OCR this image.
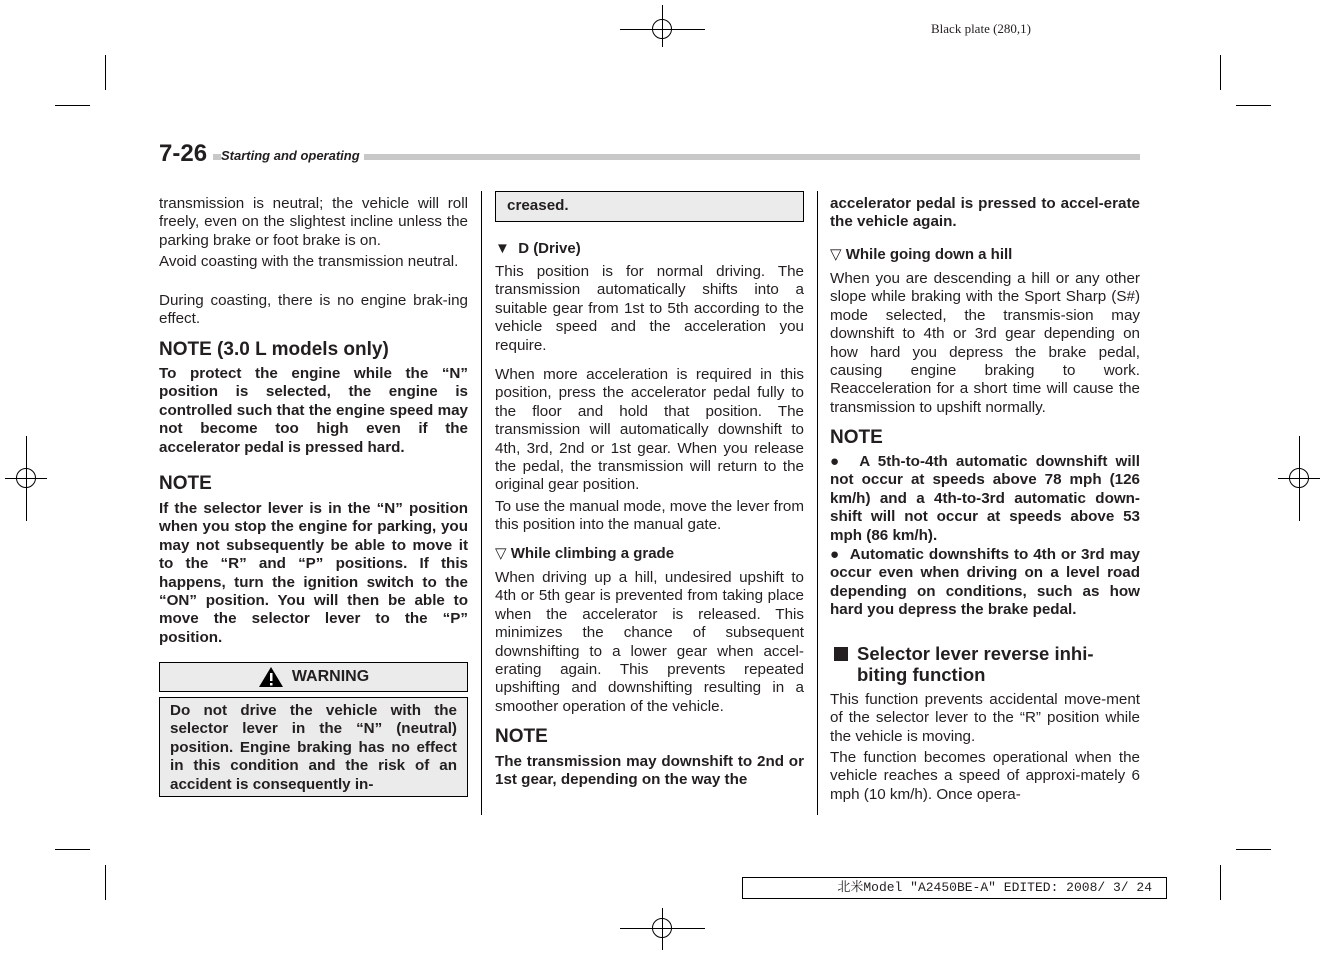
Black plate (280,1)
7-26	Starting and operating
transmission is neutral; the vehicle will roll freely, even on the slightest incline unless the parking brake or foot brake is on.
Avoid coasting with the transmission neutral.
During coasting, there is no engine brak-ing effect.
NOTE (3.0 L models only)
To protect the engine while the “N” position is selected, the engine is controlled such that the engine speed may not become too high even if the accelerator pedal is pressed hard.
NOTE
If the selector lever is in the “N” position when you stop the engine for parking, you may not subsequently be able to move it to the “R” and “P” positions. If this happens, turn the ignition switch to the “ON” position. You will then be able to move the selector lever to the “P” position.
WARNING
Do not drive the vehicle with the selector lever in the “N” (neutral) position. Engine braking has no effect in this condition and the risk of an accident is consequently in-
creased.
▼  D (Drive)
This position is for normal driving. The transmission automatically shifts into a suitable gear from 1st to 5th according to the vehicle speed and the acceleration you require.
When more acceleration is required in this position, press the accelerator pedal fully to the floor and hold that position. The transmission will automatically downshift to 4th, 3rd, 2nd or 1st gear. When you release the pedal, the transmission will return to the original gear position.
To use the manual mode, move the lever from this position into the manual gate.
▽ While climbing a grade
When driving up a hill, undesired upshift to 4th or 5th gear is prevented from taking place when the accelerator is released. This minimizes the chance of subsequent downshifting to a lower gear when accel-erating again. This prevents repeated upshifting and downshifting resulting in a smoother operation of the vehicle.
NOTE
The transmission may downshift to 2nd or 1st gear, depending on the way the
accelerator pedal is pressed to accel-erate the vehicle again.
▽ While going down a hill
When you are descending a hill or any other slope while braking with the Sport Sharp (S#) mode selected, the transmis-sion may downshift to 4th or 3rd gear depending on how hard you depress the brake pedal, causing engine braking to work. Reacceleration for a short time will cause the transmission to upshift normally.
NOTE
●  A 5th-to-4th automatic downshift will not occur at speeds above 78 mph (126 km/h) and a 4th-to-3rd automatic down-shift will not occur at speeds above 53 mph (86 km/h).
●  Automatic downshifts to 4th or 3rd may occur even when driving on a level road depending on conditions, such as how hard you depress the brake pedal.
Selector lever reverse inhi-biting function
This function prevents accidental move-ment of the selector lever to the “R” position while the vehicle is moving.
The function becomes operational when the vehicle reaches a speed of approxi-mately 6 mph (10 km/h). Once opera-
北米Model "A2450BE-A" EDITED: 2008/ 3/ 24
